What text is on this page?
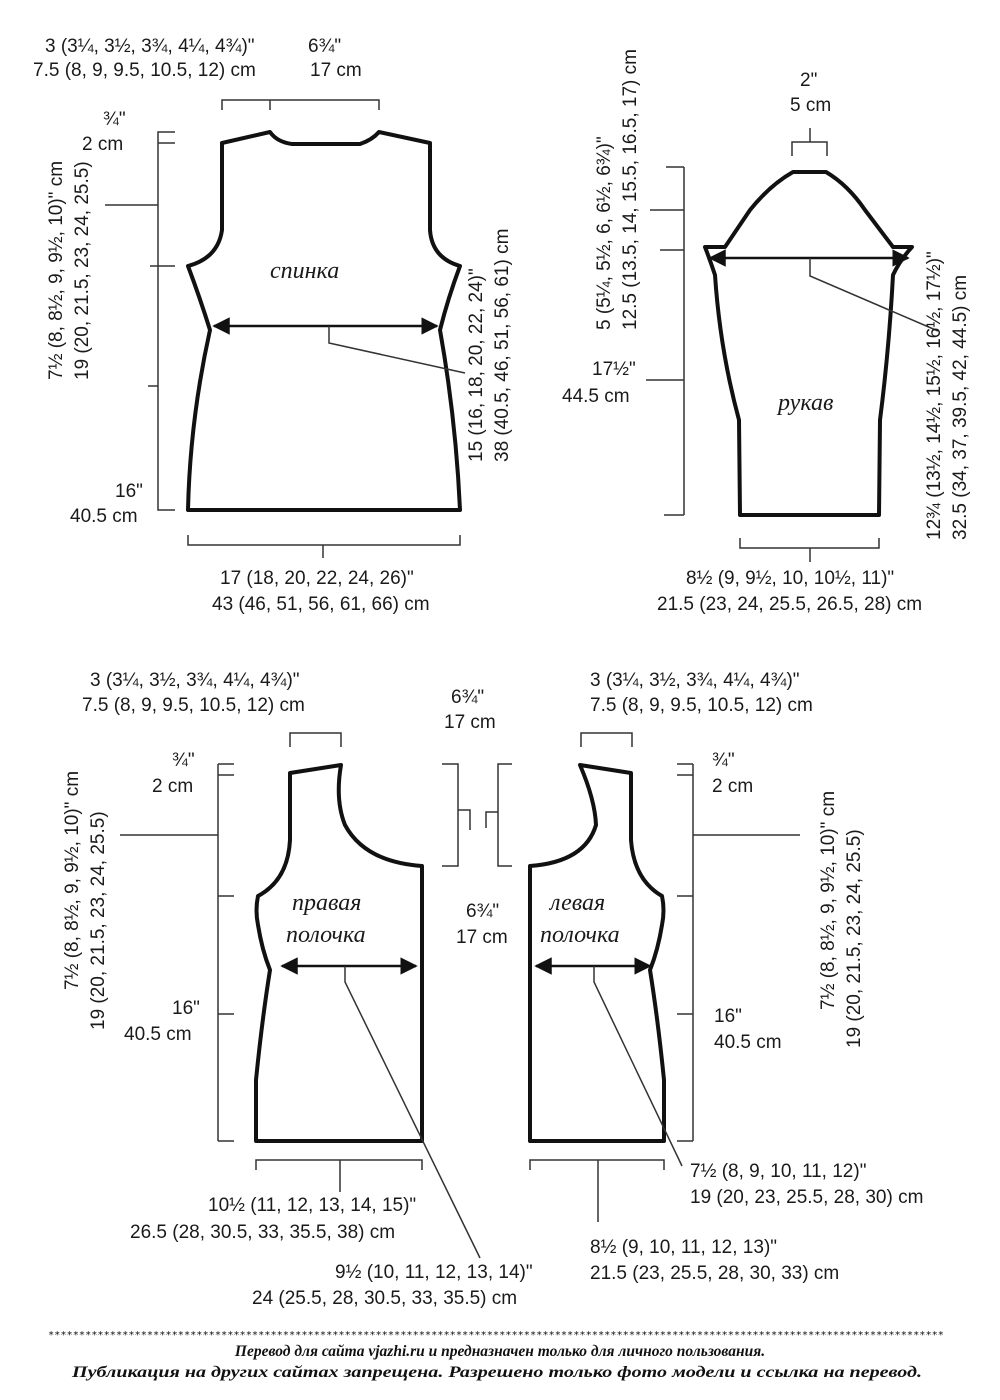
3 (3¼, 3½, 3¾, 4¼, 4¾)"
7.5 (8, 9, 9.5, 10.5, 12) cm
6¾"
17 cm
¾"
2 cm
7½ (8, 8½, 9, 9½, 10)" cm 19 (20, 21.5, 23, 24, 25.5)
16"
40.5 cm
15 (16, 18, 20, 22, 24)" 38 (40.5, 46, 51, 56, 61) cm
17 (18, 20, 22, 24, 26)"
43 (46, 51, 56, 61, 66) cm
спинка
2"
5 cm
5 (5¼, 5½, 6, 6½, 6¾)" 12.5 (13.5, 14, 15.5, 16.5, 17) cm
17½"
44.5 cm	12¾ (13½, 14½, 15½, 16½, 17½)" 32.5 (34, 37, 39.5, 42, 44.5) cm
8½ (9, 9½, 10, 10½, 11)"
21.5 (23, 24, 25.5, 26.5, 28) cm
рукав
3 (3¼, 3½, 3¾, 4¼, 4¾)"
7.5 (8, 9, 9.5, 10.5, 12) cm
¾"
2 cm
7½ (8, 8½, 9, 9½, 10)" cm 19 (20, 21.5, 23, 24, 25.5)	16"
40.5 cm
10½ (11, 12, 13, 14, 15)"
26.5 (28, 30.5, 33, 35.5, 38) cm
9½ (10, 11, 12, 13, 14)"
24 (25.5, 28, 30.5, 33, 35.5) cm
правая
полочка
6¾"
17 cm
6¾"
17 cm
3 (3¼, 3½, 3¾, 4¼, 4¾)"
7.5 (8, 9, 9.5, 10.5, 12) cm
¾"
2 cm
7½ (8, 8½, 9, 9½, 10)" cm 19 (20, 21.5, 23, 24, 25.5)
16"
40.5 cm
7½ (8, 9, 10, 11, 12)"
19 (20, 23, 25.5, 28, 30) cm
8½ (9, 10, 11, 12, 13)"
21.5 (23, 25.5, 28, 30, 33) cm
левая
полочка
*************************************************************************************************************************************************
Перевод для сайта vjazhi.ru и предназначен только для личного пользования.
Публикация на других сайтах запрещена. Разрешено только фото модели и ссылка на перевод.
